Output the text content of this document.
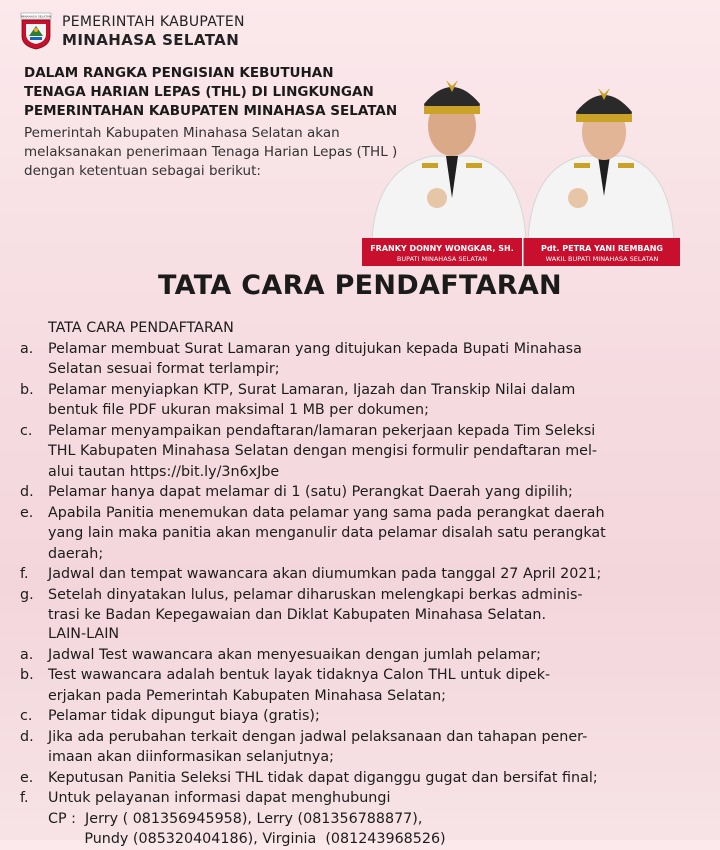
MINAHASA SELATAN PEMERINTAH KABUPATEN
MINAHASA SELATAN
DALAM RANGKA PENGISIAN KEBUTUHAN
TENAGA HARIAN LEPAS (THL) DI LINGKUNGAN
PEMERINTAHAN KABUPATEN MINAHASA SELATAN
Pemerintah Kabupaten Minahasa Selatan akan
melaksanakan penerimaan Tenaga Harian Lepas (THL )
dengan ketentuan sebagai berikut:
FRANKY DONNY WONGKAR, SH.
BUPATI MINAHASA SELATAN
Pdt. PETRA YANI REMBANG
WAKIL BUPATI MINAHASA SELATAN
TATA CARA PENDAFTARAN
TATA CARA PENDAFTARAN
a.	Pelamar membuat Surat Lamaran yang ditujukan kepada Bupati Minahasa
Selatan sesuai format terlampir;
b.	Pelamar menyiapkan KTP, Surat Lamaran, Ijazah dan Transkip Nilai dalam
bentuk file PDF ukuran maksimal 1 MB per dokumen;
c.	Pelamar menyampaikan pendaftaran/lamaran pekerjaan kepada Tim Seleksi
THL Kabupaten Minahasa Selatan dengan mengisi formulir pendaftaran mel-
alui tautan https://bit.ly/3n6xJbe
d.	Pelamar hanya dapat melamar di 1 (satu) Perangkat Daerah yang dipilih;
e.	Apabila Panitia menemukan data pelamar yang sama pada perangkat daerah
yang lain maka panitia akan menganulir data pelamar disalah satu perangkat
daerah;
f.	Jadwal dan tempat wawancara akan diumumkan pada tanggal 27 April 2021;
g.	Setelah dinyatakan lulus, pelamar diharuskan melengkapi berkas adminis-
trasi ke Badan Kepegawaian dan Diklat Kabupaten Minahasa Selatan.
LAIN-LAIN
a.	Jadwal Test wawancara akan menyesuaikan dengan jumlah pelamar;
b.	Test wawancara adalah bentuk layak tidaknya Calon THL untuk dipek-
erjakan pada Pemerintah Kabupaten Minahasa Selatan;
c.	Pelamar tidak dipungut biaya (gratis);
d.	Jika ada perubahan terkait dengan jadwal pelaksanaan dan tahapan pener-
imaan akan diinformasikan selanjutnya;
e.	Keputusan Panitia Seleksi THL tidak dapat diganggu gugat dan bersifat final;
f.	Untuk pelayanan informasi dapat menghubungi
CP :  Jerry ( 081356945958), Lerry (081356788877),
Pundy (085320404186), Virginia  (081243968526)
